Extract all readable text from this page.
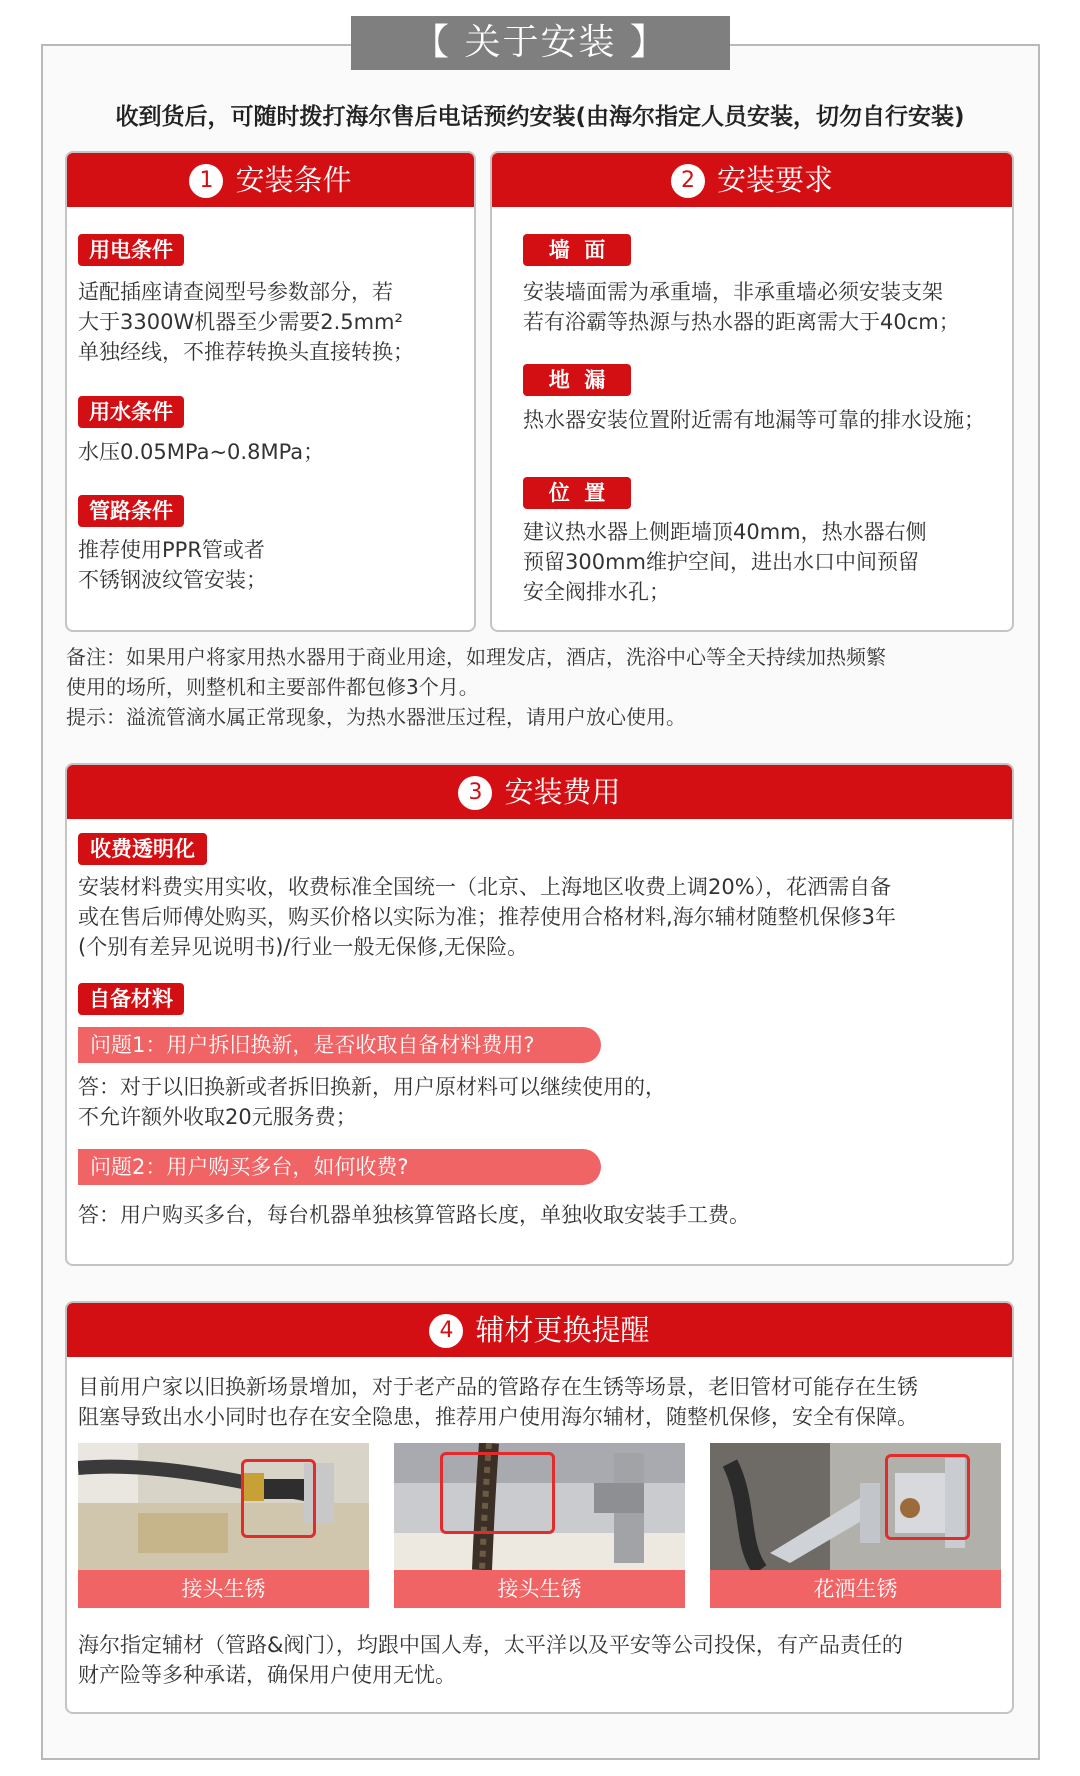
【 关于安装 】
收到货后，可随时拨打海尔售后电话预约安装(由海尔指定人员安装，切勿自行安装)
1 安装条件
用电条件
适配插座请查阅型号参数部分，若
大于3300W机器至少需要2.5mm²
单独经线，不推荐转换头直接转换；
用水条件
水压0.05MPa~0.8MPa；
管路条件
推荐使用PPR管或者
不锈钢波纹管安装；
2 安装要求
墙  面
安装墙面需为承重墙，非承重墙必须安装支架
若有浴霸等热源与热水器的距离需大于40cm；
地  漏
热水器安装位置附近需有地漏等可靠的排水设施；
位  置
建议热水器上侧距墙顶40mm，热水器右侧
预留300mm维护空间，进出水口中间预留
安全阀排水孔；
备注：如果用户将家用热水器用于商业用途，如理发店，酒店，洗浴中心等全天持续加热频繁
使用的场所，则整机和主要部件都包修3个月。
提示：溢流管滴水属正常现象，为热水器泄压过程，请用户放心使用。
3 安装费用
收费透明化
安装材料费实用实收，收费标准全国统一（北京、上海地区收费上调20%），花洒需自备
或在售后师傅处购买，购买价格以实际为准；推荐使用合格材料,海尔辅材随整机保修3年
(个别有差异见说明书)/行业一般无保修,无保险。
自备材料
答：对于以旧换新或者拆旧换新，用户原材料可以继续使用的，
不允许额外收取20元服务费；
答：用户购买多台，每台机器单独核算管路长度，单独收取安装手工费。
问题1：用户拆旧换新，是否收取自备材料费用?
问题2：用户购买多台，如何收费?
4 辅材更换提醒
目前用户家以旧换新场景增加，对于老产品的管路存在生锈等场景，老旧管材可能存在生锈
阻塞导致出水小同时也存在安全隐患，推荐用户使用海尔辅材，随整机保修，安全有保障。
海尔指定辅材（管路&阀门），均跟中国人寿，太平洋以及平安等公司投保，有产品责任的
财产险等多种承诺，确保用户使用无忧。
接头生锈	接头生锈	花洒生锈
